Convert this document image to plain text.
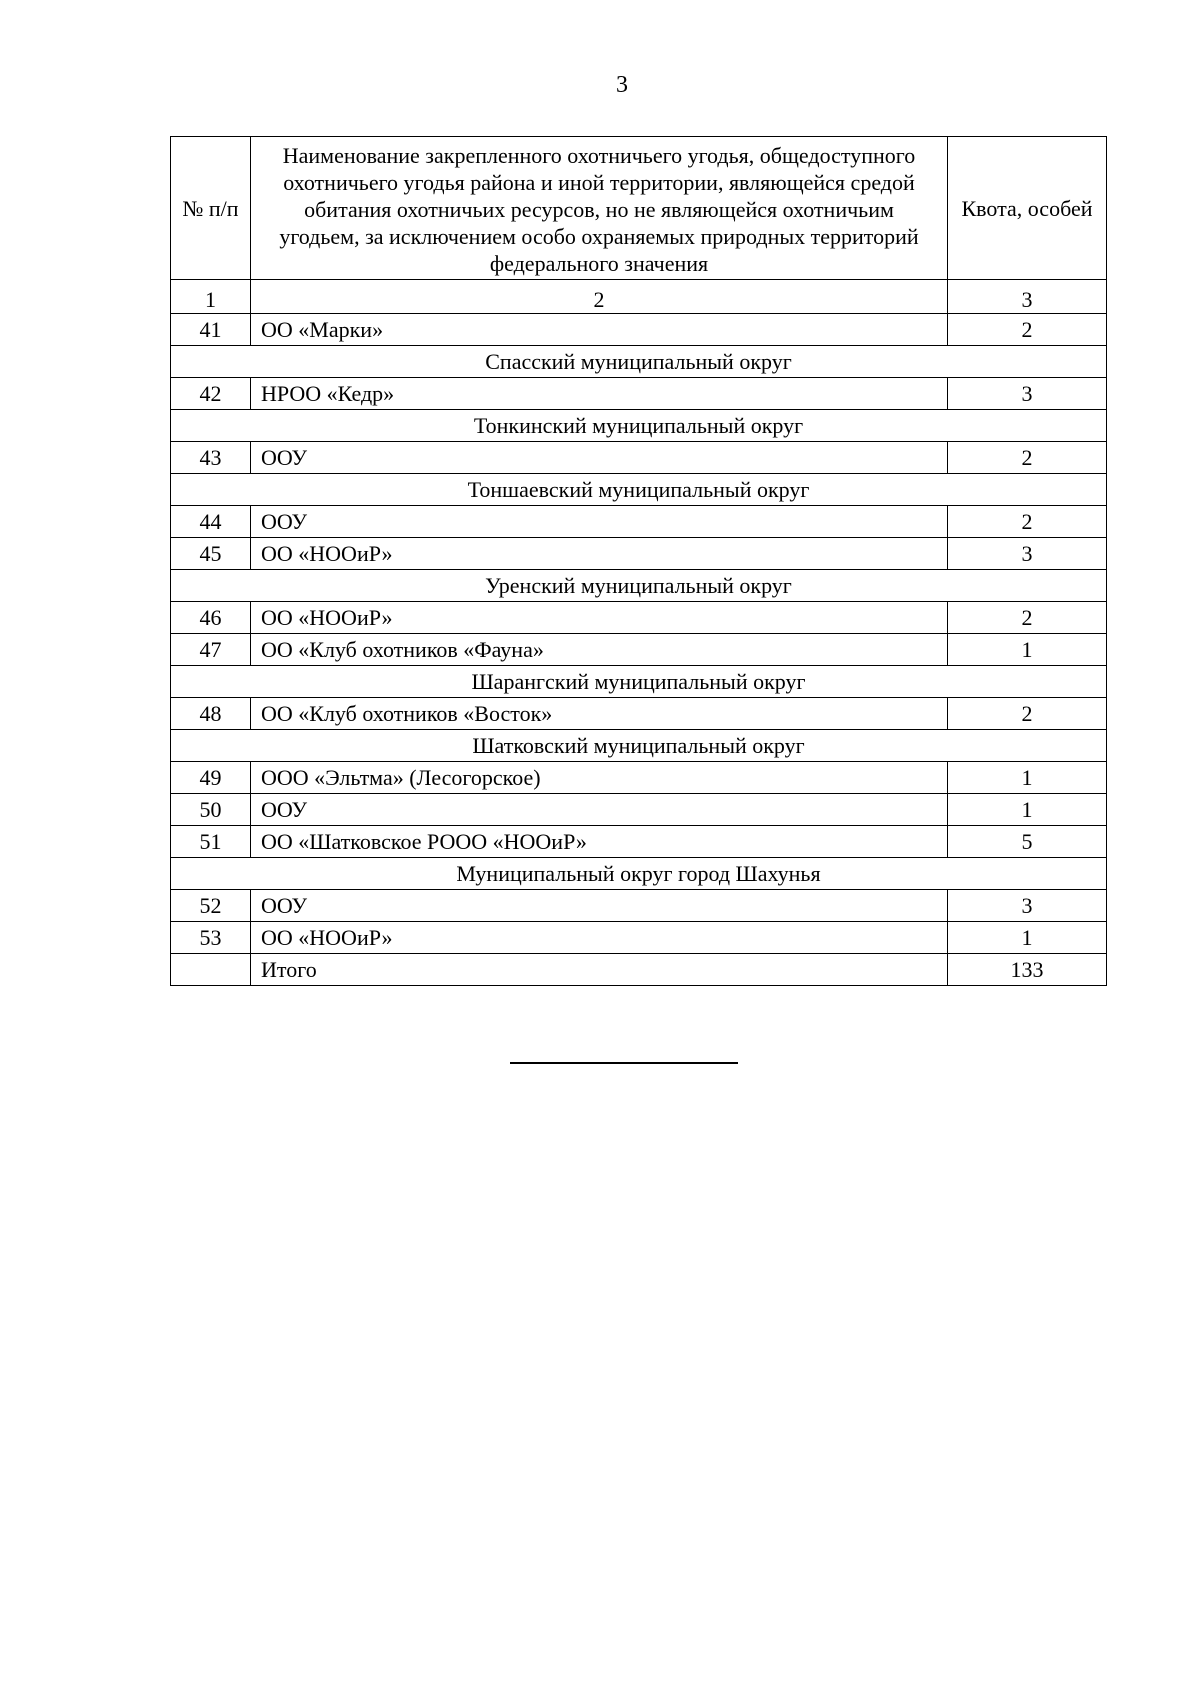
3
№ п/п	Наименование закрепленного охотничьего угодья, общедоступного охотничьего угодья района и иной территории, являющейся средой обитания охотничьих ресурсов, но не являющейся охотничьим угодьем, за исключением особо охраняемых природных территорий федерального значения	Квота, особей
1	2	3
41	ОО «Марки»	2
Спасский муниципальный округ		
42	НРОО «Кедр»	3
Тонкинский муниципальный округ		
43	ООУ	2
Тоншаевский муниципальный округ		
44	ООУ	2
45	ОО «НООиР»	3
Уренский муниципальный округ		
46	ОО «НООиР»	2
47	ОО «Клуб охотников «Фауна»	1
Шарангский муниципальный округ		
48	ОО «Клуб охотников «Восток»	2
Шатковский муниципальный округ		
49	ООО «Эльтма» (Лесогорское)	1
50	ООУ	1
51	ОО «Шатковское РООО «НООиР»	5
Муниципальный округ город Шахунья		
52	ООУ	3
53	ОО «НООиР»	1
	Итого	133
